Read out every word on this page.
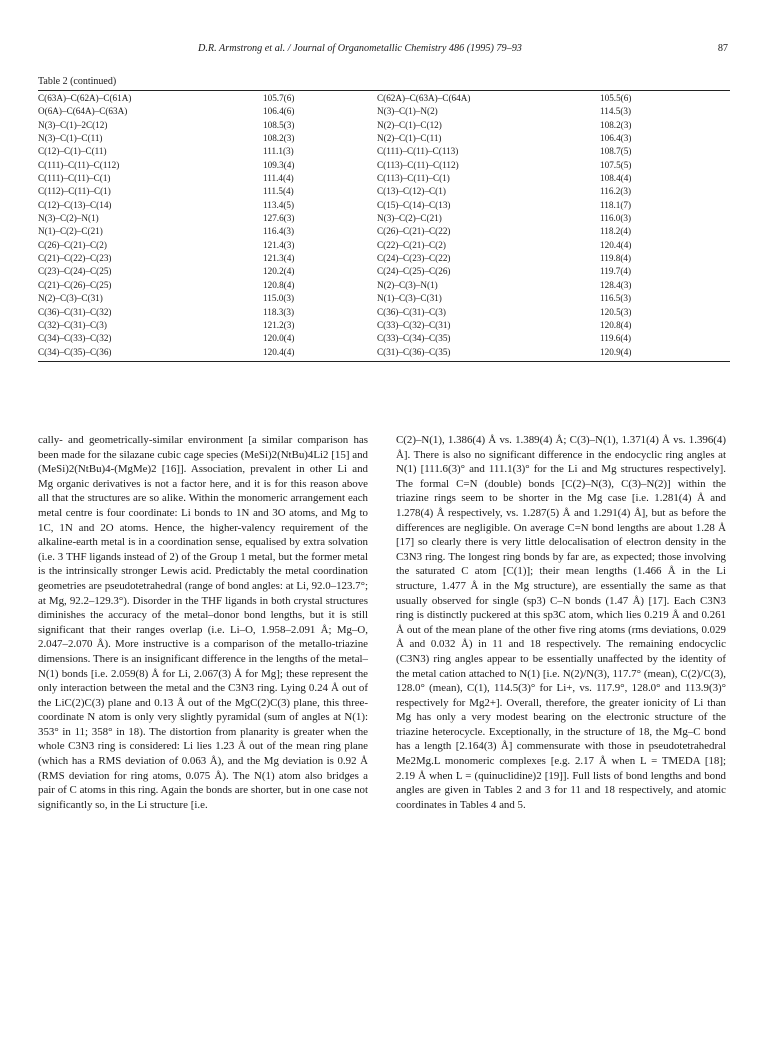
D.R. Armstrong et al. / Journal of Organometallic Chemistry 486 (1995) 79–93	87
Table 2 (continued)
C(63A)–C(62A)–C(61A)	105.7(6)	C(62A)–C(63A)–C(64A)	105.5(6)
O(6A)–C(64A)–C(63A)	106.4(6)	N(3)–C(1)–N(2)	114.5(3)
N(3)–C(1)–2C(12)	108.5(3)	N(2)–C(1)–C(12)	108.2(3)
N(3)–C(1)–C(11)	108.2(3)	N(2)–C(1)–C(11)	106.4(3)
C(12)–C(1)–C(11)	111.1(3)	C(111)–C(11)–C(113)	108.7(5)
C(111)–C(11)–C(112)	109.3(4)	C(113)–C(11)–C(112)	107.5(5)
C(111)–C(11)–C(1)	111.4(4)	C(113)–C(11)–C(1)	108.4(4)
C(112)–C(11)–C(1)	111.5(4)	C(13)–C(12)–C(1)	116.2(3)
C(12)–C(13)–C(14)	113.4(5)	C(15)–C(14)–C(13)	118.1(7)
N(3)–C(2)–N(1)	127.6(3)	N(3)–C(2)–C(21)	116.0(3)
N(1)–C(2)–C(21)	116.4(3)	C(26)–C(21)–C(22)	118.2(4)
C(26)–C(21)–C(2)	121.4(3)	C(22)–C(21)–C(2)	120.4(4)
C(21)–C(22)–C(23)	121.3(4)	C(24)–C(23)–C(22)	119.8(4)
C(23)–C(24)–C(25)	120.2(4)	C(24)–C(25)–C(26)	119.7(4)
C(21)–C(26)–C(25)	120.8(4)	N(2)–C(3)–N(1)	128.4(3)
N(2)–C(3)–C(31)	115.0(3)	N(1)–C(3)–C(31)	116.5(3)
C(36)–C(31)–C(32)	118.3(3)	C(36)–C(31)–C(3)	120.5(3)
C(32)–C(31)–C(3)	121.2(3)	C(33)–C(32)–C(31)	120.8(4)
C(34)–C(33)–C(32)	120.0(4)	C(33)–C(34)–C(35)	119.6(4)
C(34)–C(35)–C(36)	120.4(4)	C(31)–C(36)–C(35)	120.9(4)

cally- and geometrically-similar environment [a similar comparison has been made for the silazane cubic cage species (MeSi)2(NtBu)4Li2 [15] and (MeSi)2(NtBu)4-(MgMe)2 [16]]. Association, prevalent in other Li and Mg organic derivatives is not a factor here, and it is for this reason above all that the structures are so alike. Within the monomeric arrangement each metal centre is four coordinate: Li bonds to 1N and 3O atoms, and Mg to 1C, 1N and 2O atoms. Hence, the higher-valency requirement of the alkaline-earth metal is in a coordination sense, equalised by extra solvation (i.e. 3 THF ligands instead of 2) of the Group 1 metal, but the former metal is the intrinsically stronger Lewis acid. Predictably the metal coordination geometries are pseudotetrahedral (range of bond angles: at Li, 92.0–123.7°; at Mg, 92.2–129.3°). Disorder in the THF ligands in both crystal structures diminishes the accuracy of the metal–donor bond lengths, but it is still significant that their ranges overlap (i.e. Li–O, 1.958–2.091 Å; Mg–O, 2.047–2.070 Å). More instructive is a comparison of the metallo-triazine dimensions. There is an insignificant difference in the lengths of the metal–N(1) bonds [i.e. 2.059(8) Å for Li, 2.067(3) Å for Mg]; these represent the only interaction between the metal and the C3N3 ring. Lying 0.24 Å out of the LiC(2)C(3) plane and 0.13 Å out of the MgC(2)C(3) plane, this three-coordinate N atom is only very slightly pyramidal (sum of angles at N(1): 353° in 11; 358° in 18). The distortion from planarity is greater when the whole C3N3 ring is considered: Li lies 1.23 Å out of the mean ring plane (which has a RMS deviation of 0.063 Å), and the Mg deviation is 0.92 Å (RMS deviation for ring atoms, 0.075 Å). The N(1) atom also bridges a pair of C atoms in this ring. Again the bonds are shorter, but in one case not significantly so, in the Li structure [i.e.

C(2)–N(1), 1.386(4) Å vs. 1.389(4) Å; C(3)–N(1), 1.371(4) Å vs. 1.396(4) Å]. There is also no significant difference in the endocyclic ring angles at N(1) [111.6(3)° and 111.1(3)° for the Li and Mg structures respectively]. The formal C=N (double) bonds [C(2)–N(3), C(3)–N(2)] within the triazine rings seem to be shorter in the Mg case [i.e. 1.281(4) Å and 1.278(4) Å respectively, vs. 1.287(5) Å and 1.291(4) Å], but as before the differences are negligible. On average C=N bond lengths are about 1.28 Å [17] so clearly there is very little delocalisation of electron density in the C3N3 ring. The longest ring bonds by far are, as expected; those involving the saturated C atom [C(1)]; their mean lengths (1.466 Å in the Li structure, 1.477 Å in the Mg structure), are essentially the same as that usually observed for single (sp3) C–N bonds (1.47 Å) [17]. Each C3N3 ring is distinctly puckered at this sp3C atom, which lies 0.219 Å and 0.261 Å out of the mean plane of the other five ring atoms (rms deviations, 0.029 Å and 0.032 Å) in 11 and 18 respectively. The remaining endocyclic (C3N3) ring angles appear to be essentially unaffected by the identity of the metal cation attached to N(1) [i.e. N(2)/N(3), 117.7° (mean), C(2)/C(3), 128.0° (mean), C(1), 114.5(3)° for Li+, vs. 117.9°, 128.0° and 113.9(3)° respectively for Mg2+]. Overall, therefore, the greater ionicity of Li than Mg has only a very modest bearing on the electronic structure of the triazine heterocycle. Exceptionally, in the structure of 18, the Mg–C bond has a length [2.164(3) Å] commensurate with those in pseudotetrahedral Me2Mg.L monomeric complexes [e.g. 2.17 Å when L = TMEDA [18]; 2.19 Å when L = (quinuclidine)2 [19]]. Full lists of bond lengths and bond angles are given in Tables 2 and 3 for 11 and 18 respectively, and atomic coordinates in Tables 4 and 5.
